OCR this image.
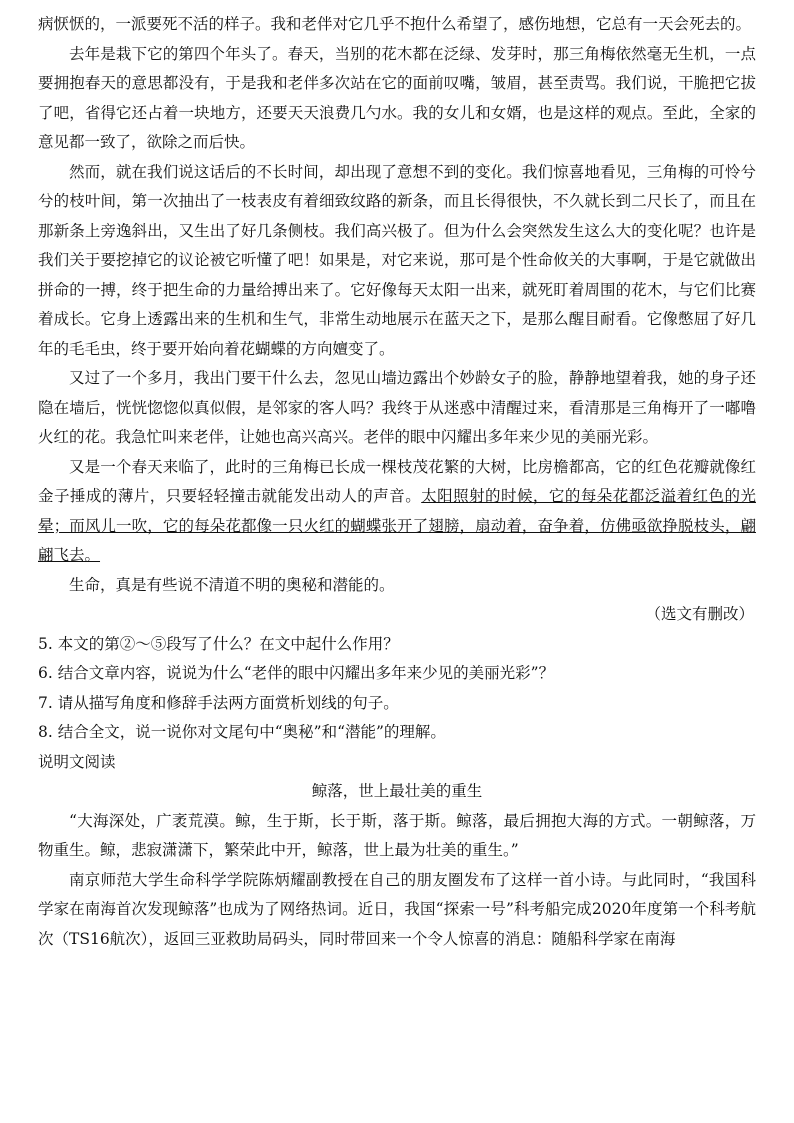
病恹恹的，一派要死不活的样子。我和老伴对它几乎不抱什么希望了，感伤地想，它总有一天会死去的。

去年是栽下它的第四个年头了。春天，当别的花木都在泛绿、发芽时，那三角梅依然毫无生机，一点要拥抱春天的意思都没有，于是我和老伴多次站在它的面前叹嘴，皱眉，甚至责骂。我们说，干脆把它拔了吧，省得它还占着一块地方，还要天天浪费几勺水。我的女儿和女婿，也是这样的观点。至此，全家的意见都一致了，欲除之而后快。

然而，就在我们说这话后的不长时间，却出现了意想不到的变化。我们惊喜地看见，三角梅的可怜兮兮的枝叶间，第一次抽出了一枝表皮有着细致纹路的新条，而且长得很快，不久就长到二尺长了，而且在那新条上旁逸斜出，又生出了好几条侧枝。我们高兴极了。但为什么会突然发生这么大的变化呢？也许是我们关于要挖掉它的议论被它听懂了吧！如果是，对它来说，那可是个性命攸关的大事啊，于是它就做出拼命的一搏，终于把生命的力量给搏出来了。它好像每天太阳一出来，就死盯着周围的花木，与它们比赛着成长。它身上透露出来的生机和生气，非常生动地展示在蓝天之下，是那么醒目耐看。它像憋屈了好几年的毛毛虫，终于要开始向着花蝴蝶的方向嬗变了。

又过了一个多月，我出门要干什么去，忽见山墙边露出个妙龄女子的脸，静静地望着我，她的身子还隐在墙后，恍恍惚惚似真似假，是邻家的客人吗？我终于从迷惑中清醒过来，看清那是三角梅开了一嘟噜火红的花。我急忙叫来老伴，让她也高兴高兴。老伴的眼中闪耀出多年来少见的美丽光彩。

又是一个春天来临了，此时的三角梅已长成一棵枝茂花繁的大树，比房檐都高，它的红色花瓣就像红金子捶成的薄片，只要轻轻撞击就能发出动人的声音。太阳照射的时候，它的每朵花都泛溢着红色的光晕；而风儿一吹，它的每朵花都像一只火红的蝴蝶张开了翅膀，扇动着，奋争着，仿佛亟欲挣脱枝头，翩翩飞去。

生命，真是有些说不清道不明的奥秘和潜能的。

（选文有删改）

5. 本文的第②～⑤段写了什么？在文中起什么作用？

6. 结合文章内容，说说为什么“老伴的眼中闪耀出多年来少见的美丽光彩”？

7. 请从描写角度和修辞手法两方面赏析划线的句子。

8. 结合全文，说一说你对文尾句中“奥秘”和“潜能”的理解。

说明文阅读

鲸落，世上最壮美的重生

“大海深处，广袤荒漠。鲸，生于斯，长于斯，落于斯。鲸落，最后拥抱大海的方式。一朝鲸落，万物重生。鲸，悲寂潇潇下，繁荣此中开，鲸落，世上最为壮美的重生。”

南京师范大学生命科学学院陈炳耀副教授在自己的朋友圈发布了这样一首小诗。与此同时，“我国科学家在南海首次发现鲸落”也成为了网络热词。近日，我国“探索一号”科考船完成2020年度第一个科考航次（TS16航次），返回三亚救助局码头，同时带回来一个令人惊喜的消息：随船科学家在南海
